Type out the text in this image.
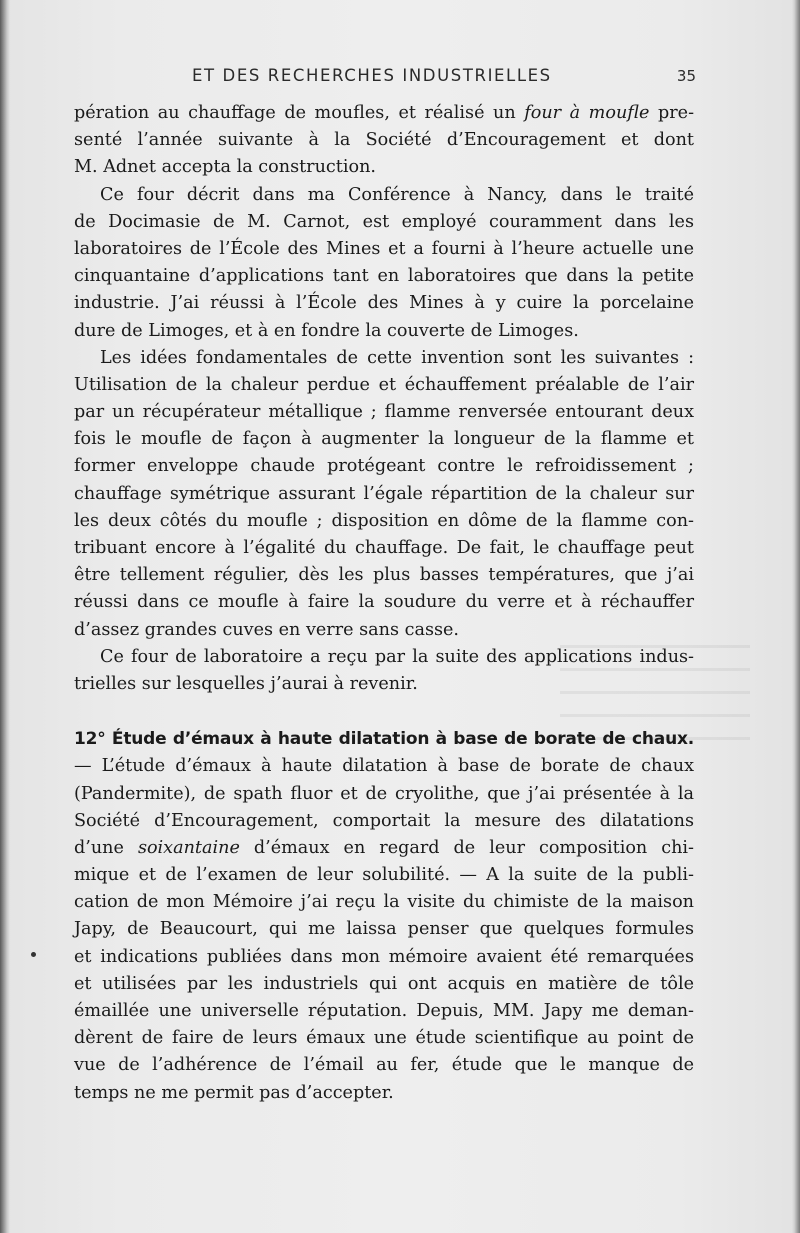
ET DES RECHERCHES INDUSTRIELLES	35
pération au chauffage de moufles, et réalisé un four à moufle pre-
senté l’année suivante à la Société d’Encouragement et dont
M. Adnet accepta la construction.
Ce four décrit dans ma Conférence à Nancy, dans le traité
de Docimasie de M. Carnot, est employé couramment dans les
laboratoires de l’École des Mines et a fourni à l’heure actuelle une
cinquantaine d’applications tant en laboratoires que dans la petite
industrie. J’ai réussi à l’École des Mines à y cuire la porcelaine
dure de Limoges, et à en fondre la couverte de Limoges.
Les idées fondamentales de cette invention sont les suivantes :
Utilisation de la chaleur perdue et échauffement préalable de l’air
par un récupérateur métallique ; flamme renversée entourant deux
fois le moufle de façon à augmenter la longueur de la flamme et
former enveloppe chaude protégeant contre le refroidissement ;
chauffage symétrique assurant l’égale répartition de la chaleur sur
les deux côtés du moufle ; disposition en dôme de la flamme con-
tribuant encore à l’égalité du chauffage. De fait, le chauffage peut
être tellement régulier, dès les plus basses températures, que j’ai
réussi dans ce moufle à faire la soudure du verre et à réchauffer
d’assez grandes cuves en verre sans casse.
Ce four de laboratoire a reçu par la suite des applications indus-
trielles sur lesquelles j’aurai à revenir.
12° Étude d’émaux à haute dilatation à base de borate de chaux.
— L’étude d’émaux à haute dilatation à base de borate de chaux
(Pandermite), de spath fluor et de cryolithe, que j’ai présentée à la
Société d’Encouragement, comportait la mesure des dilatations
d’une soixantaine d’émaux en regard de leur composition chi-
mique et de l’examen de leur solubilité. — A la suite de la publi-
cation de mon Mémoire j’ai reçu la visite du chimiste de la maison
Japy, de Beaucourt, qui me laissa penser que quelques formules
et indications publiées dans mon mémoire avaient été remarquées
et utilisées par les industriels qui ont acquis en matière de tôle
émaillée une universelle réputation. Depuis, MM. Japy me deman-
dèrent de faire de leurs émaux une étude scientifique au point de
vue de l’adhérence de l’émail au fer, étude que le manque de
temps ne me permit pas d’accepter.
